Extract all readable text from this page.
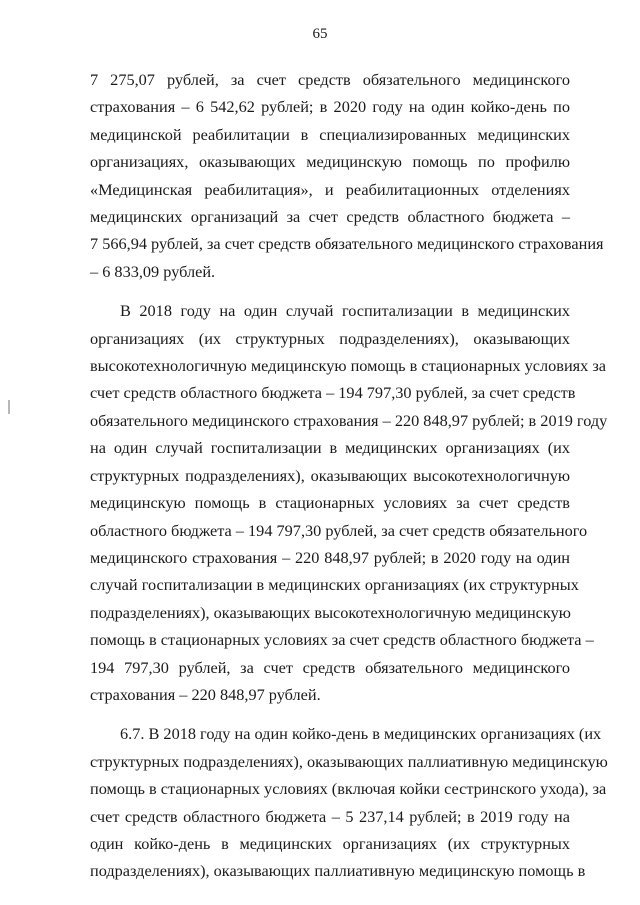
65
7 275,07 рублей, за счет средств обязательного медицинского
страхования – 6 542,62 рублей; в 2020 году на один койко-день по
медицинской реабилитации в специализированных медицинских
организациях, оказывающих медицинскую помощь по профилю
«Медицинская реабилитация», и реабилитационных отделениях
медицинских организаций за счет средств областного бюджета –
7 566,94 рублей, за счет средств обязательного медицинского страхования
– 6 833,09 рублей.
В 2018 году на один случай госпитализации в медицинских
организациях (их структурных подразделениях), оказывающих
высокотехнологичную медицинскую помощь в стационарных условиях за
счет средств областного бюджета – 194 797,30 рублей, за счет средств
обязательного медицинского страхования – 220 848,97 рублей; в 2019 году
на один случай госпитализации в медицинских организациях (их
структурных подразделениях), оказывающих высокотехнологичную
медицинскую помощь в стационарных условиях за счет средств
областного бюджета – 194 797,30 рублей, за счет средств обязательного
медицинского страхования – 220 848,97 рублей; в 2020 году на один
случай госпитализации в медицинских организациях (их структурных
подразделениях), оказывающих высокотехнологичную медицинскую
помощь в стационарных условиях за счет средств областного бюджета –
194 797,30 рублей, за счет средств обязательного медицинского
страхования – 220 848,97 рублей.
6.7. В 2018 году на один койко-день в медицинских организациях (их
структурных подразделениях), оказывающих паллиативную медицинскую
помощь в стационарных условиях (включая койки сестринского ухода), за
счет средств областного бюджета – 5 237,14 рублей; в 2019 году на
один койко-день в медицинских организациях (их структурных
подразделениях), оказывающих паллиативную медицинскую помощь в
